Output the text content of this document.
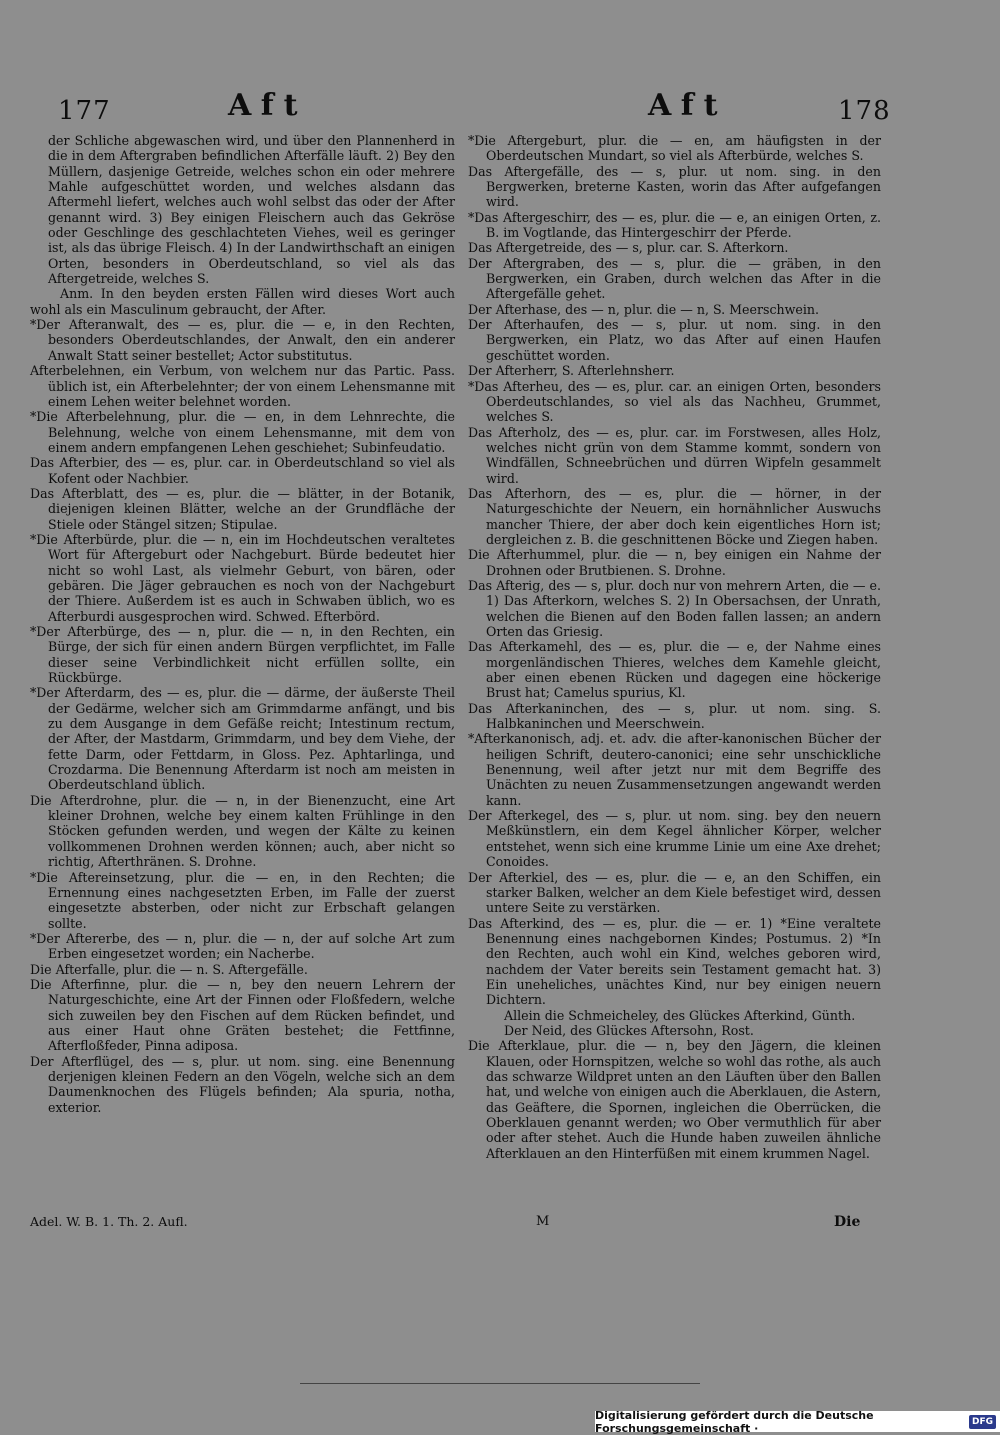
177	Aft	Aft	178

der Schliche abgewaschen wird, und über den Plannenherd in die in dem Aftergraben befindlichen Afterfälle läuft. 2) Bey den Müllern, dasjenige Getreide, welches schon ein oder mehrere Mahle aufgeschüttet worden, und welches alsdann das Aftermehl liefert, welches auch wohl selbst das oder der After genannt wird. 3) Bey einigen Fleischern auch das Gekröse oder Geschlinge des geschlachteten Viehes, weil es geringer ist, als das übrige Fleisch. 4) In der Landwirthschaft an einigen Orten, besonders in Oberdeutschland, so viel als das Aftergetreide, welches S.

Anm. In den beyden ersten Fällen wird dieses Wort auch wohl als ein Masculinum gebraucht, der After.

*Der Afteranwalt, des — es, plur. die — e, in den Rechten, besonders Oberdeutschlandes, der Anwalt, den ein anderer Anwalt Statt seiner bestellet; Actor substitutus.

Afterbelehnen, ein Verbum, von welchem nur das Partic. Pass. üblich ist, ein Afterbelehnter; der von einem Lehensmanne mit einem Lehen weiter belehnet worden.

*Die Afterbelehnung, plur. die — en, in dem Lehnrechte, die Belehnung, welche von einem Lehensmanne, mit dem von einem andern empfangenen Lehen geschiehet; Subinfeudatio.

Das Afterbier, des — es, plur. car. in Oberdeutschland so viel als Kofent oder Nachbier.

Das Afterblatt, des — es, plur. die — blätter, in der Botanik, diejenigen kleinen Blätter, welche an der Grundfläche der Stiele oder Stängel sitzen; Stipulae.

*Die Afterbürde, plur. die — n, ein im Hochdeutschen veraltetes Wort für Aftergeburt oder Nachgeburt. Bürde bedeutet hier nicht so wohl Last, als vielmehr Geburt, von bären, oder gebären. Die Jäger gebrauchen es noch von der Nachgeburt der Thiere. Außerdem ist es auch in Schwaben üblich, wo es Afterburdi ausgesprochen wird. Schwed. Efterbörd.

*Der Afterbürge, des — n, plur. die — n, in den Rechten, ein Bürge, der sich für einen andern Bürgen verpflichtet, im Falle dieser seine Verbindlichkeit nicht erfüllen sollte, ein Rückbürge.

*Der Afterdarm, des — es, plur. die — därme, der äußerste Theil der Gedärme, welcher sich am Grimmdarme anfängt, und bis zu dem Ausgange in dem Gefäße reicht; Intestinum rectum, der After, der Mastdarm, Grimmdarm, und bey dem Viehe, der fette Darm, oder Fettdarm, in Gloss. Pez. Aphtarlinga, und Crozdarma. Die Benennung Afterdarm ist noch am meisten in Oberdeutschland üblich.

Die Afterdrohne, plur. die — n, in der Bienenzucht, eine Art kleiner Drohnen, welche bey einem kalten Frühlinge in den Stöcken gefunden werden, und wegen der Kälte zu keinen vollkommenen Drohnen werden können; auch, aber nicht so richtig, Afterthränen. S. Drohne.

*Die Aftereinsetzung, plur. die — en, in den Rechten; die Ernennung eines nachgesetzten Erben, im Falle der zuerst eingesetzte absterben, oder nicht zur Erbschaft gelangen sollte.

*Der Aftererbe, des — n, plur. die — n, der auf solche Art zum Erben eingesetzet worden; ein Nacherbe.

Die Afterfalle, plur. die — n. S. Aftergefälle.

Die Afterfinne, plur. die — n, bey den neuern Lehrern der Naturgeschichte, eine Art der Finnen oder Floßfedern, welche sich zuweilen bey den Fischen auf dem Rücken befindet, und aus einer Haut ohne Gräten bestehet; die Fettfinne, Afterfloßfeder, Pinna adiposa.

Der Afterflügel, des — s, plur. ut nom. sing. eine Benennung derjenigen kleinen Federn an den Vögeln, welche sich an dem Daumenknochen des Flügels befinden; Ala spuria, notha, exterior.

*Die Aftergeburt, plur. die — en, am häufigsten in der Oberdeutschen Mundart, so viel als Afterbürde, welches S.

Das Aftergefälle, des — s, plur. ut nom. sing. in den Bergwerken, breterne Kasten, worin das After aufgefangen wird.

*Das Aftergeschirr, des — es, plur. die — e, an einigen Orten, z. B. im Vogtlande, das Hintergeschirr der Pferde.

Das Aftergetreide, des — s, plur. car. S. Afterkorn.

Der Aftergraben, des — s, plur. die — gräben, in den Bergwerken, ein Graben, durch welchen das After in die Aftergefälle gehet.

Der Afterhase, des — n, plur. die — n, S. Meerschwein.

Der Afterhaufen, des — s, plur. ut nom. sing. in den Bergwerken, ein Platz, wo das After auf einen Haufen geschüttet worden.

Der Afterherr, S. Afterlehnsherr.

*Das Afterheu, des — es, plur. car. an einigen Orten, besonders Oberdeutschlandes, so viel als das Nachheu, Grummet, welches S.

Das Afterholz, des — es, plur. car. im Forstwesen, alles Holz, welches nicht grün von dem Stamme kommt, sondern von Windfällen, Schneebrüchen und dürren Wipfeln gesammelt wird.

Das Afterhorn, des — es, plur. die — hörner, in der Naturgeschichte der Neuern, ein hornähnlicher Auswuchs mancher Thiere, der aber doch kein eigentliches Horn ist; dergleichen z. B. die geschnittenen Böcke und Ziegen haben.

Die Afterhummel, plur. die — n, bey einigen ein Nahme der Drohnen oder Brutbienen. S. Drohne.

Das Afterig, des — s, plur. doch nur von mehrern Arten, die — e. 1) Das Afterkorn, welches S. 2) In Obersachsen, der Unrath, welchen die Bienen auf den Boden fallen lassen; an andern Orten das Griesig.

Das Afterkamehl, des — es, plur. die — e, der Nahme eines morgenländischen Thieres, welches dem Kamehle gleicht, aber einen ebenen Rücken und dagegen eine höckerige Brust hat; Camelus spurius, Kl.

Das Afterkaninchen, des — s, plur. ut nom. sing. S. Halbkaninchen und Meerschwein.

*Afterkanonisch, adj. et. adv. die after-kanonischen Bücher der heiligen Schrift, deutero-canonici; eine sehr unschickliche Benennung, weil after jetzt nur mit dem Begriffe des Unächten zu neuen Zusammensetzungen angewandt werden kann.

Der Afterkegel, des — s, plur. ut nom. sing. bey den neuern Meßkünstlern, ein dem Kegel ähnlicher Körper, welcher entstehet, wenn sich eine krumme Linie um eine Axe drehet; Conoides.

Der Afterkiel, des — es, plur. die — e, an den Schiffen, ein starker Balken, welcher an dem Kiele befestiget wird, dessen untere Seite zu verstärken.

Das Afterkind, des — es, plur. die — er. 1) *Eine veraltete Benennung eines nachgebornen Kindes; Postumus. 2) *In den Rechten, auch wohl ein Kind, welches geboren wird, nachdem der Vater bereits sein Testament gemacht hat. 3) Ein uneheliches, unächtes Kind, nur bey einigen neuern Dichtern.

Allein die Schmeicheley, des Glückes Afterkind, Günth.

Der Neid, des Glückes Aftersohn, Rost.

Die Afterklaue, plur. die — n, bey den Jägern, die kleinen Klauen, oder Hornspitzen, welche so wohl das rothe, als auch das schwarze Wildpret unten an den Läuften über den Ballen hat, und welche von einigen auch die Aberklauen, die Astern, das Geäftere, die Spornen, ingleichen die Oberrücken, die Oberklauen genannt werden; wo Ober vermuthlich für aber oder after stehet. Auch die Hunde haben zuweilen ähnliche Afterklauen an den Hinterfüßen mit einem krummen Nagel.

Adel. W. B. 1. Th. 2. Aufl.	M	Die
Digitalisierung gefördert durch die Deutsche Forschungsgemeinschaft ·	DFG
